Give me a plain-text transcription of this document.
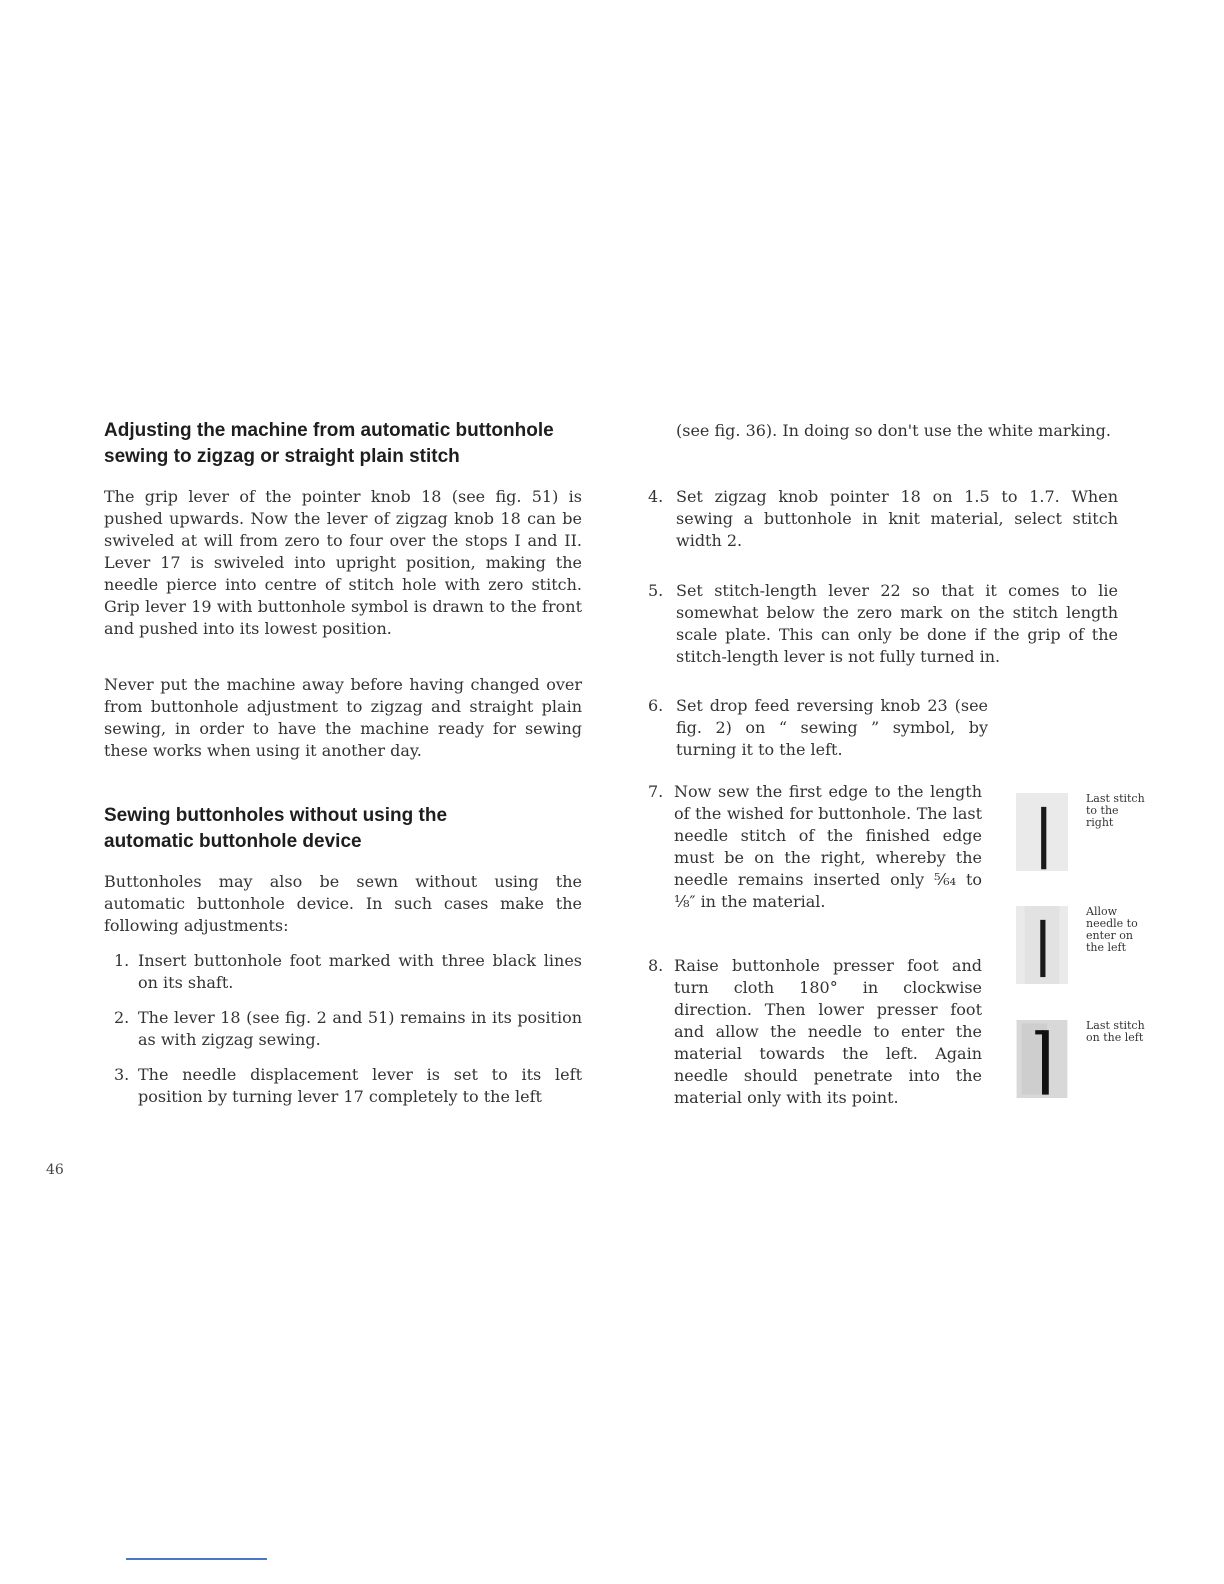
Adjusting the machine from automatic buttonhole
sewing to zigzag or straight plain stitch

The grip lever of the pointer knob 18 (see fig. 51) is pushed upwards. Now the lever of zigzag knob 18 can be swiveled at will from zero to four over the stops I and II. Lever 17 is swiveled into upright position, making the needle pierce into centre of stitch hole with zero stitch. Grip lever 19 with buttonhole symbol is drawn to the front and pushed into its lowest position.

Never put the machine away before having changed over from buttonhole adjustment to zigzag and straight plain sewing, in order to have the machine ready for sewing these works when using it another day.

Sewing buttonholes without using the
automatic buttonhole device

Buttonholes may also be sewn without using the automatic buttonhole device. In such cases make the following adjustments:

1. Insert buttonhole foot marked with three black lines on its shaft.
2. The lever 18 (see fig. 2 and 51) remains in its position as with zigzag sewing.
3. The needle displacement lever is set to its left position by turning lever 17 completely to the left

(see fig. 36). In doing so don't use the white marking.

4. Set zigzag knob pointer 18 on 1.5 to 1.7. When sewing a buttonhole in knit material, select stitch width 2.
5. Set stitch-length lever 22 so that it comes to lie somewhat below the zero mark on the stitch length scale plate. This can only be done if the grip of the stitch-length lever is not fully turned in.
6. Set drop feed reversing knob 23 (see fig. 2) on “ sewing ” symbol, by turning it to the left.
7. Now sew the first edge to the length of the wished for buttonhole. The last needle stitch of the finished edge must be on the right, whereby the needle remains inserted only ⁵⁄₆₄ to ¹⁄₈″ in the material.
8. Raise buttonhole presser foot and turn cloth 180° in clockwise direction. Then lower presser foot and allow the needle to enter the material towards the left. Again needle should penetrate into the material only with its point.
Last stitch to the right
Allow needle to enter on the left
Last stitch on the left
46
